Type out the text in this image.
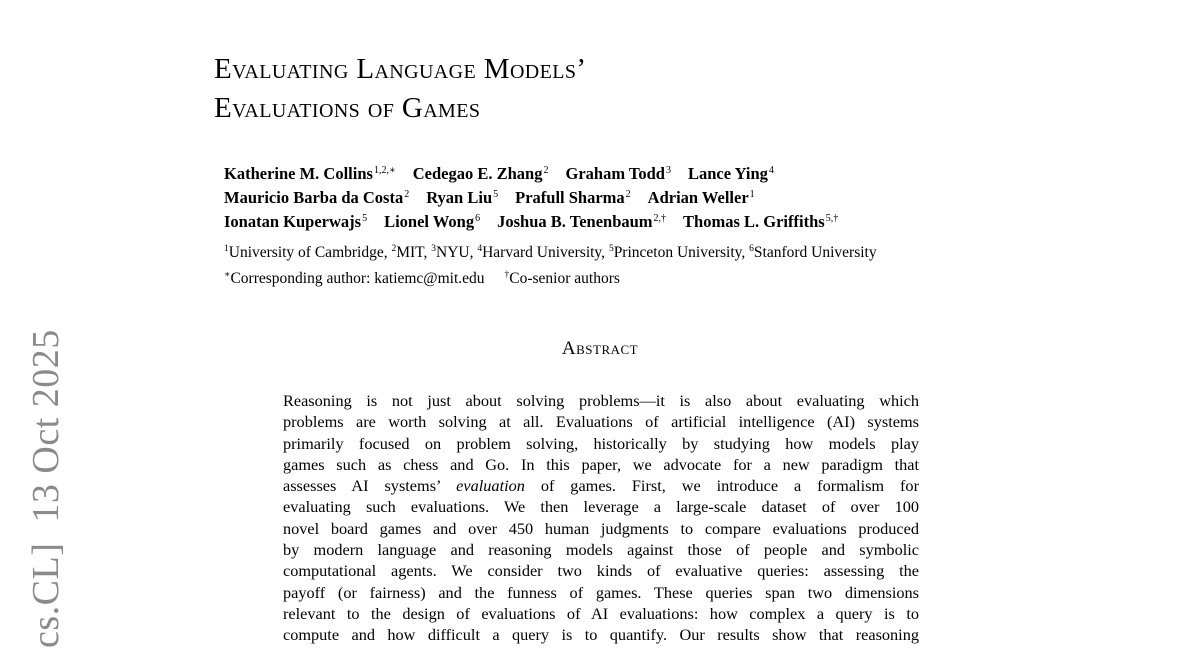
cs.CL]  13 Oct 2025
Evaluating Language Models’
Evaluations of Games
Katherine M. Collins$^{1,2,∗}$ Cedegao E. Zhang$^2$ Graham Todd$^3$ Lance Ying$^4$
Mauricio Barba da Costa$^2$ Ryan Liu$^5$ Prafull Sharma$^2$ Adrian Weller$^1$
Ionatan Kuperwajs$^5$ Lionel Wong$^6$ Joshua B. Tenenbaum$^{2,\dagger}$ Thomas L. Griffiths$^{5,\dagger}$
$^1$University of Cambridge, $^2$MIT, $^3$NYU, $^4$Harvard University, $^5$Princeton University, $^6$Stanford University
∗Corresponding author: katiemc@mit.edu †Co-senior authors
Abstract
Reasoning is not just about solving problems—it is also about evaluating which
problems are worth solving at all. Evaluations of artificial intelligence (AI) systems
primarily focused on problem solving, historically by studying how models play
games such as chess and Go. In this paper, we advocate for a new paradigm that
assesses AI systems’ evaluation of games. First, we introduce a formalism for
evaluating such evaluations. We then leverage a large-scale dataset of over 100
novel board games and over 450 human judgments to compare evaluations produced
by modern language and reasoning models against those of people and symbolic
computational agents. We consider two kinds of evaluative queries: assessing the
payoff (or fairness) and the funness of games. These queries span two dimensions
relevant to the design of evaluations of AI evaluations: how complex a query is to
compute and how difficult a query is to quantify. Our results show that reasoning
